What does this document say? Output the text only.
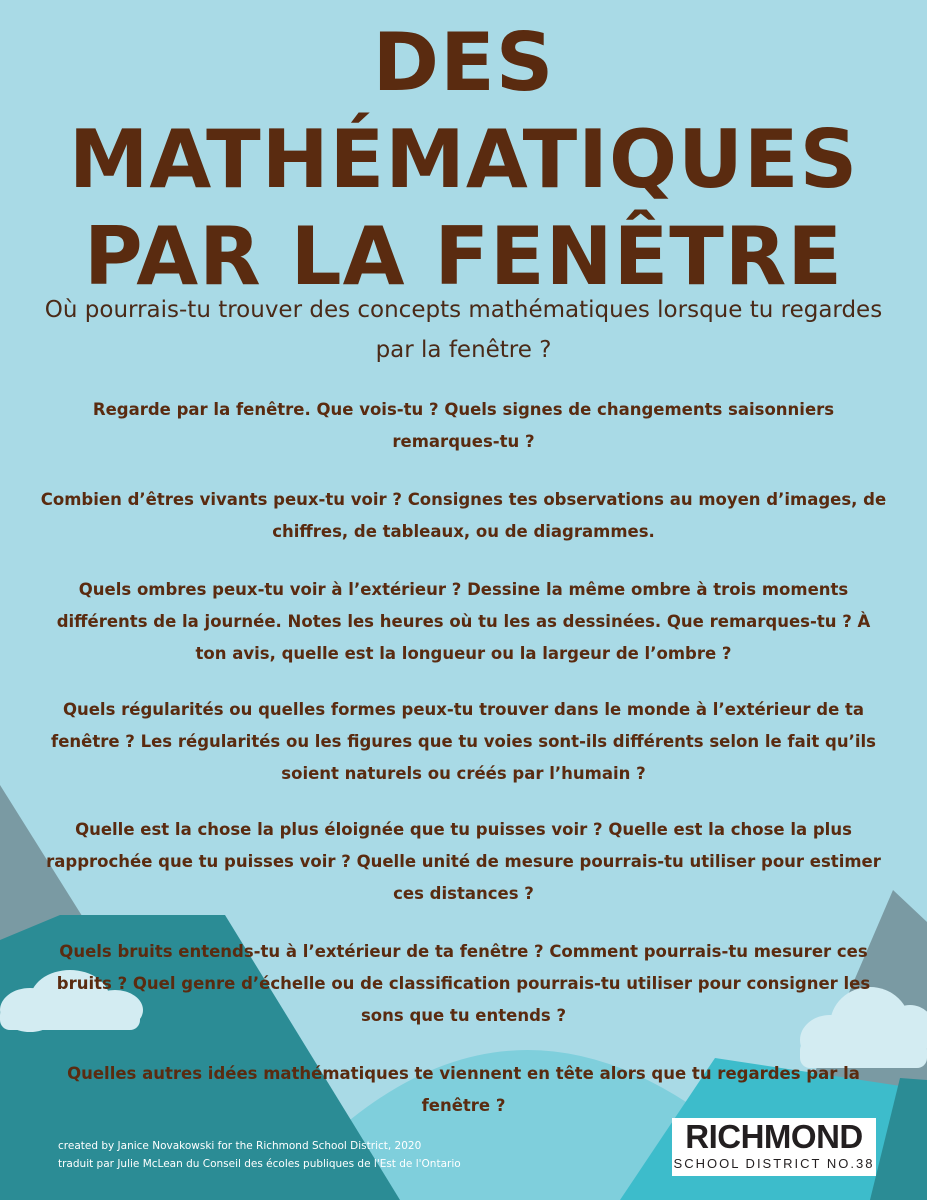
DES
MATHÉMATIQUES
PAR LA FENÊTRE
Où pourrais-tu trouver des concepts mathématiques lorsque tu regardes par la fenêtre ?
Regarde par la fenêtre. Que vois-tu ? Quels signes de changements saisonniers remarques-tu ?
Combien d’êtres vivants peux-tu voir ? Consignes tes observations au moyen d’images, de chiffres, de tableaux, ou de diagrammes.
Quels ombres peux-tu voir à l’extérieur ? Dessine la même ombre à trois moments différents de la journée. Notes les heures où tu les as dessinées. Que remarques-tu ? À ton avis, quelle est la longueur ou la largeur de l’ombre ?
Quels régularités ou quelles formes peux-tu trouver dans le monde à l’extérieur de ta fenêtre ? Les régularités ou les figures que tu voies sont-ils différents selon le fait qu’ils soient naturels ou créés par l’humain ?
Quelle est la chose la plus éloignée que tu puisses voir ? Quelle est la chose la plus rapprochée que tu puisses voir ? Quelle unité de mesure pourrais-tu utiliser pour estimer ces distances ?
Quels bruits entends-tu à l’extérieur de ta fenêtre ? Comment pourrais-tu mesurer ces bruits ? Quel genre d’échelle ou de classification pourrais-tu utiliser pour consigner les sons que tu entends ?
Quelles autres idées mathématiques te viennent en tête alors que tu regardes par la fenêtre ?
created by Janice Novakowski for the Richmond School District, 2020
traduit par Julie McLean du Conseil des écoles publiques de l'Est de l'Ontario
RICHMOND
SCHOOL DISTRICT NO.38
